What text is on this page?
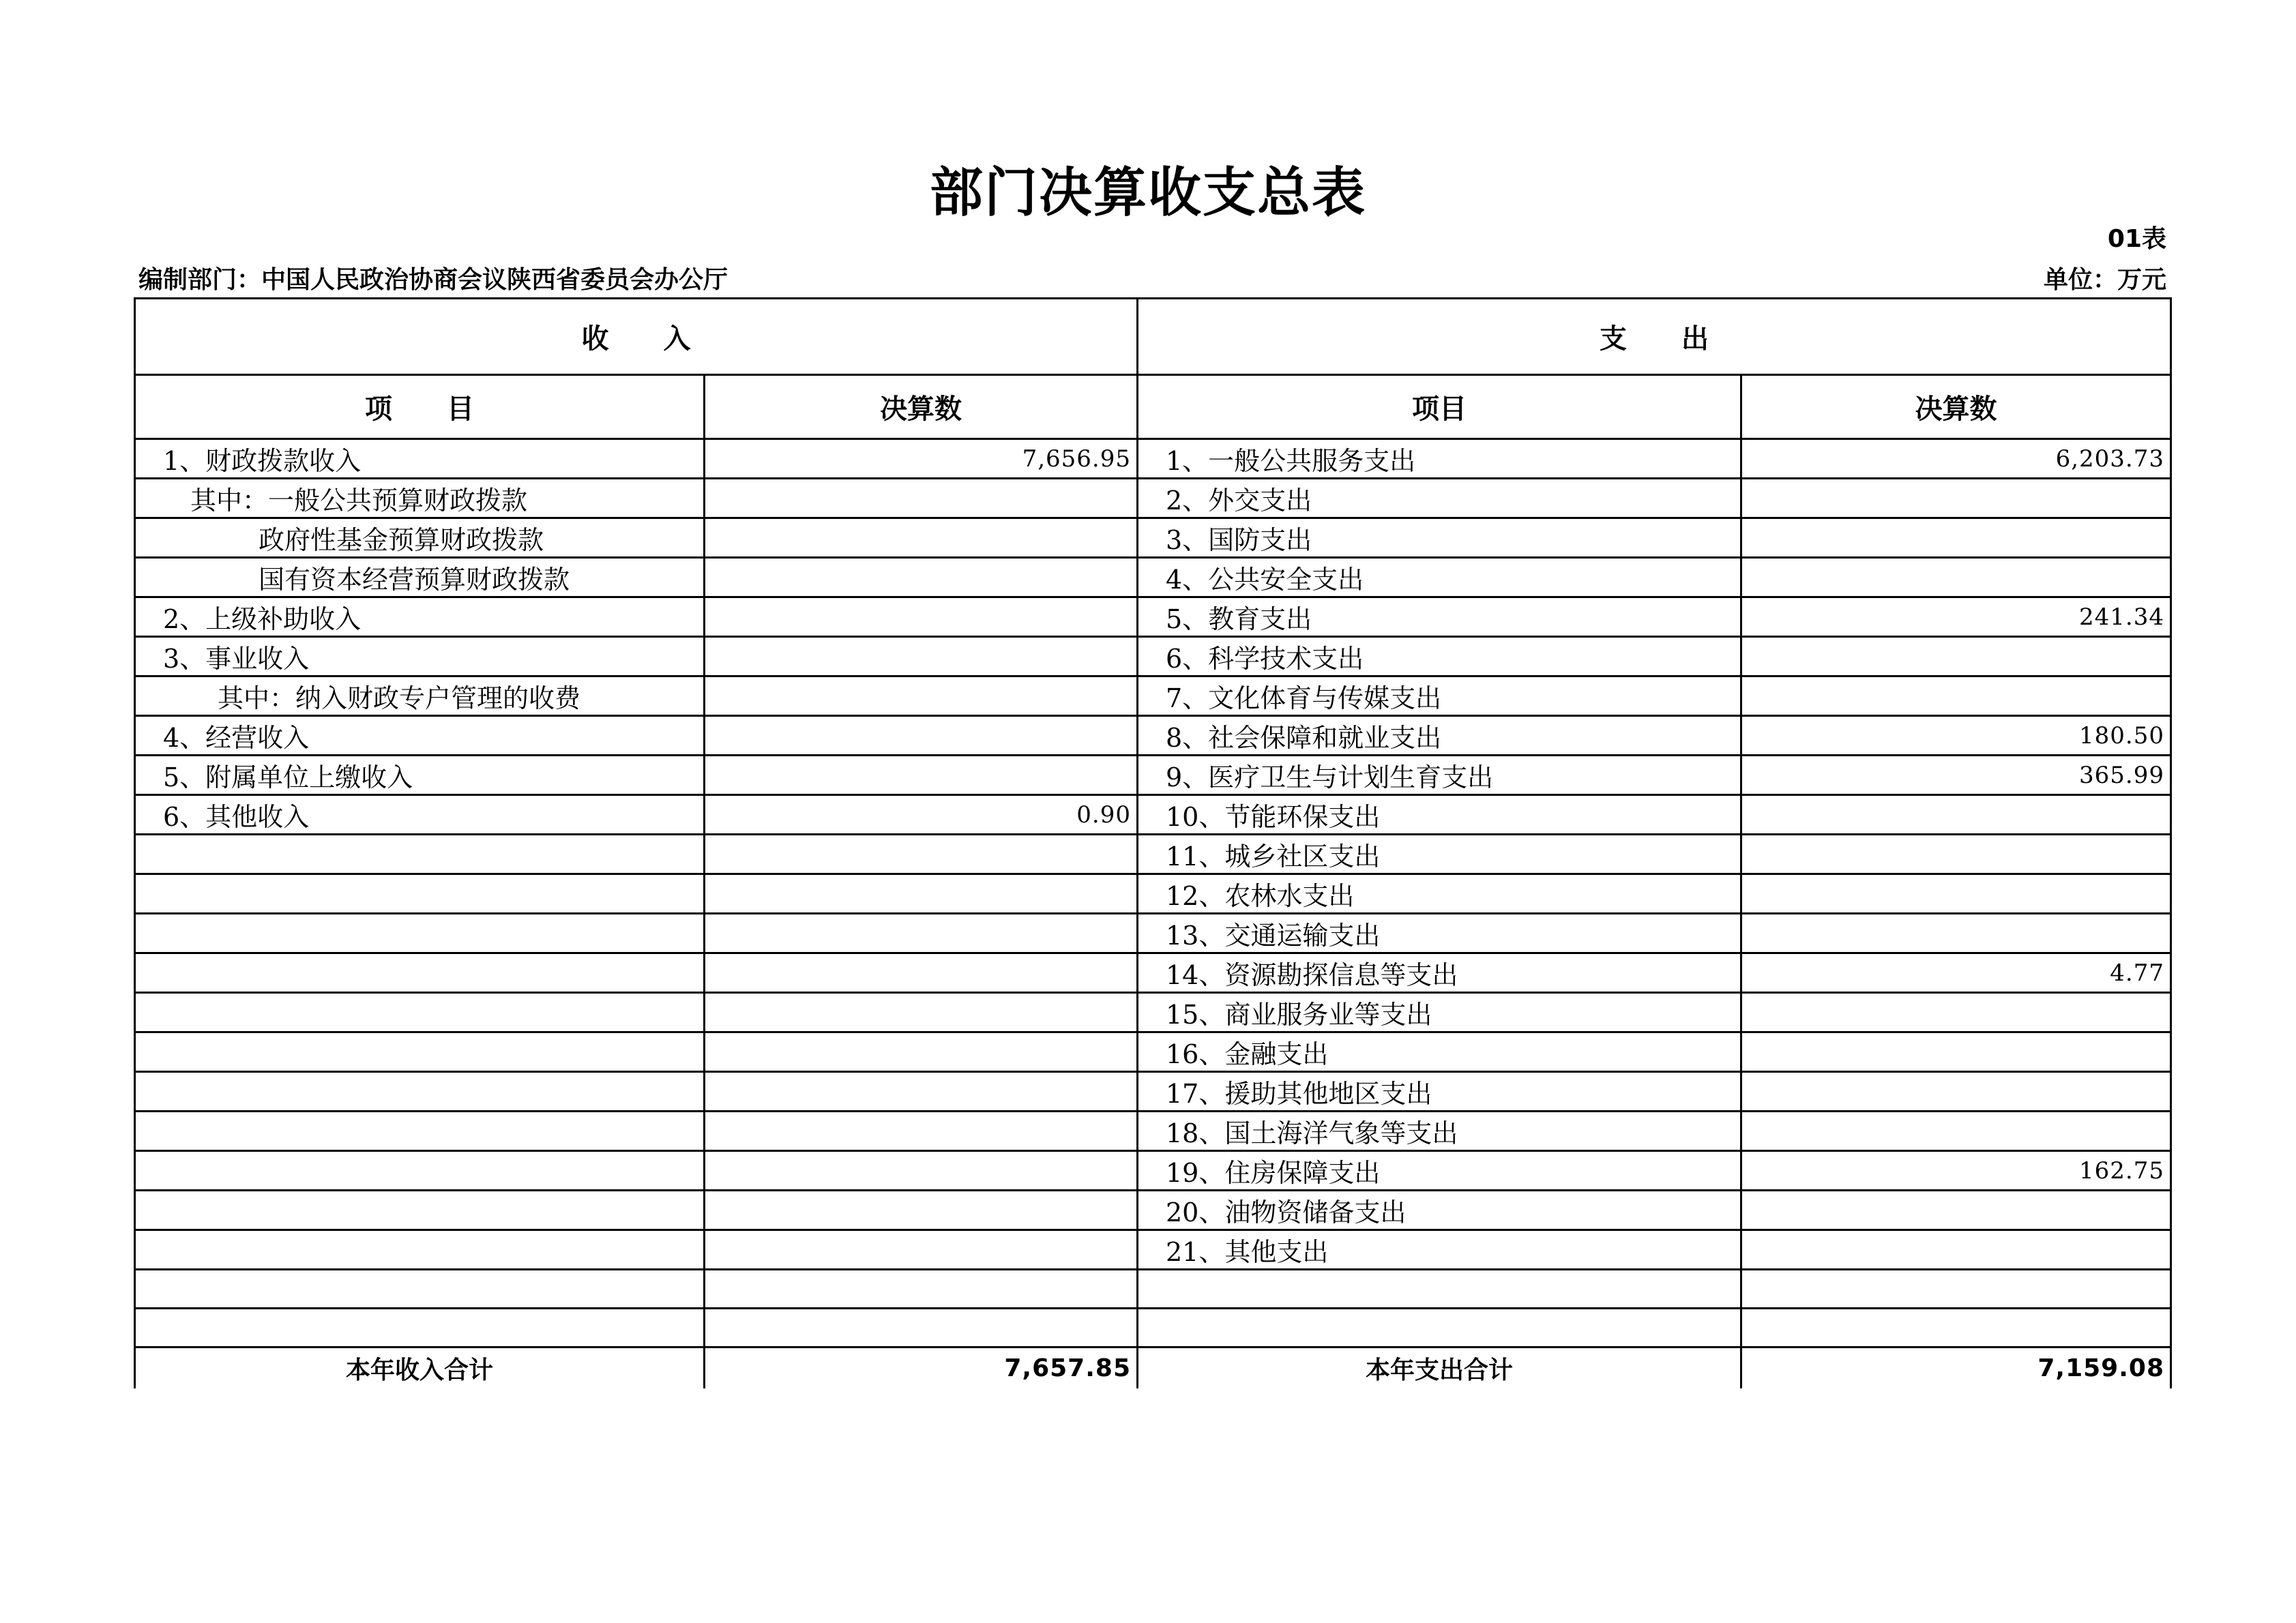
部门决算收支总表
01表
编制部门：中国人民政治协商会议陕西省委员会办公厅	单位：万元
收　　入		支　　出	
项　　目	决算数	项目	决算数
1、财政拨款收入	7,656.95	1、一般公共服务支出	6,203.73
其中：一般公共预算财政拨款		2、外交支出	
政府性基金预算财政拨款		3、国防支出	
国有资本经营预算财政拨款		4、公共安全支出	
2、上级补助收入		5、教育支出	241.34
3、事业收入		6、科学技术支出	
其中：纳入财政专户管理的收费		7、文化体育与传媒支出	
4、经营收入		8、社会保障和就业支出	180.50
5、附属单位上缴收入		9、医疗卫生与计划生育支出	365.99
6、其他收入	0.90	10、节能环保支出	
		11、城乡社区支出	
		12、农林水支出	
		13、交通运输支出	
		14、资源勘探信息等支出	4.77
		15、商业服务业等支出	
		16、金融支出	
		17、援助其他地区支出	
		18、国土海洋气象等支出	
		19、住房保障支出	162.75
		20、油物资储备支出	
		21、其他支出	

本年收入合计	7,657.85	本年支出合计	7,159.08
